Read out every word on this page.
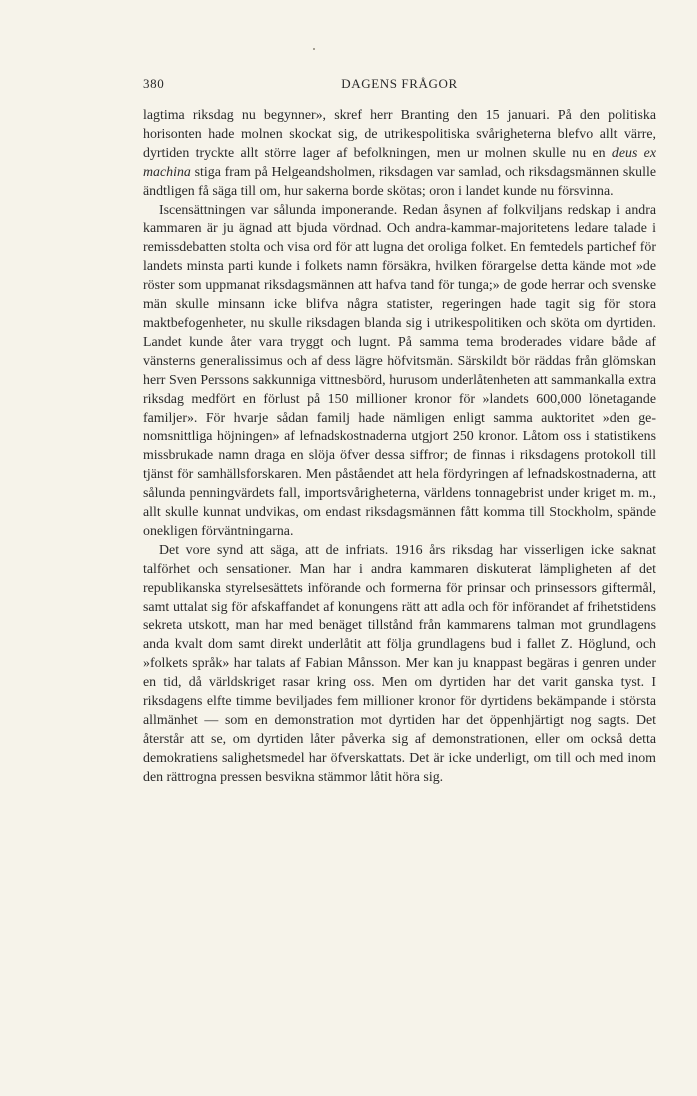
380	DAGENS FRÅGOR

lagtima riksdag nu begynner», skref herr Branting den 15 januari. På den politiska horisonten hade molnen skockat sig, de utrikespolitiska svårigheterna blefvo allt värre, dyrtiden tryckte allt större lager af befolkningen, men ur molnen skulle nu en deus ex machina stiga fram på Helgeandsholmen, riksdagen var samlad, och riksdagsmännen skulle ändtligen få säga till om, hur sakerna borde skötas; oron i landet kunde nu försvinna.

Iscensättningen var sålunda imponerande. Redan åsynen af folkviljans redskap i andra kammaren är ju ägnad att bjuda vördnad. Och andra-kammar-majoritetens ledare talade i remissdebatten stolta och visa ord för att lugna det oroliga folket. En femtedels partichef för landets minsta parti kunde i folkets namn försäkra, hvilken förargelse detta kände mot »de röster som uppmanat riksdagsmännen att hafva tand för tunga;» de gode herrar och svenske män skulle minsann icke blifva några statister, regeringen hade tagit sig för stora maktbefogenheter, nu skulle riksdagen blanda sig i utrikespolitiken och sköta om dyrtiden. Landet kunde åter vara tryggt och lugnt. På samma tema broderades vidare både af vänsterns generalissimus och af dess lägre höfvitsmän. Särskildt bör räddas från glömskan herr Sven Perssons sakkunniga vittnesbörd, hurusom underlåtenheten att sammankalla extra riksdag medfört en förlust på 150 millioner kronor för »landets 600,000 lönetagande familjer». För hvarje sådan familj hade nämligen enligt samma auktoritet »den genomsnittliga höjningen» af lefnadskostnaderna utgjort 250 kronor. Låtom oss i statistikens missbrukade namn draga en slöja öfver dessa siffror; de finnas i riksdagens protokoll till tjänst för samhällsforskaren. Men påståendet att hela fördyringen af lefnadskostnaderna, att sålunda penningvärdets fall, importsvårigheterna, världens tonnagebrist under kriget m. m., allt skulle kunnat undvikas, om endast riksdagsmännen fått komma till Stockholm, spände onekligen förväntningarna.

Det vore synd att säga, att de infriats. 1916 års riksdag har visserligen icke saknat talförhet och sensationer. Man har i andra kammaren diskuterat lämpligheten af det republikanska styrelsesättets införande och formerna för prinsar och prinsessors giftermål, samt uttalat sig för afskaffandet af konungens rätt att adla och för införandet af frihetstidens sekreta utskott, man har med benäget tillstånd från kammarens talman mot grundlagens anda kvalt dom samt direkt underlåtit att följa grundlagens bud i fallet Z. Höglund, och »folkets språk» har talats af Fabian Månsson. Mer kan ju knappast begäras i genren under en tid, då världskriget rasar kring oss. Men om dyrtiden har det varit ganska tyst. I riksdagens elfte timme beviljades fem millioner kronor för dyrtidens bekämpande i största allmänhet — som en demonstration mot dyrtiden har det öppenhjärtigt nog sagts. Det återstår att se, om dyrtiden låter påverka sig af demonstrationen, eller om också detta demokratiens salighetsmedel har öfverskattats. Det är icke underligt, om till och med inom den rättrogna pressen besvikna stämmor låtit höra sig.
